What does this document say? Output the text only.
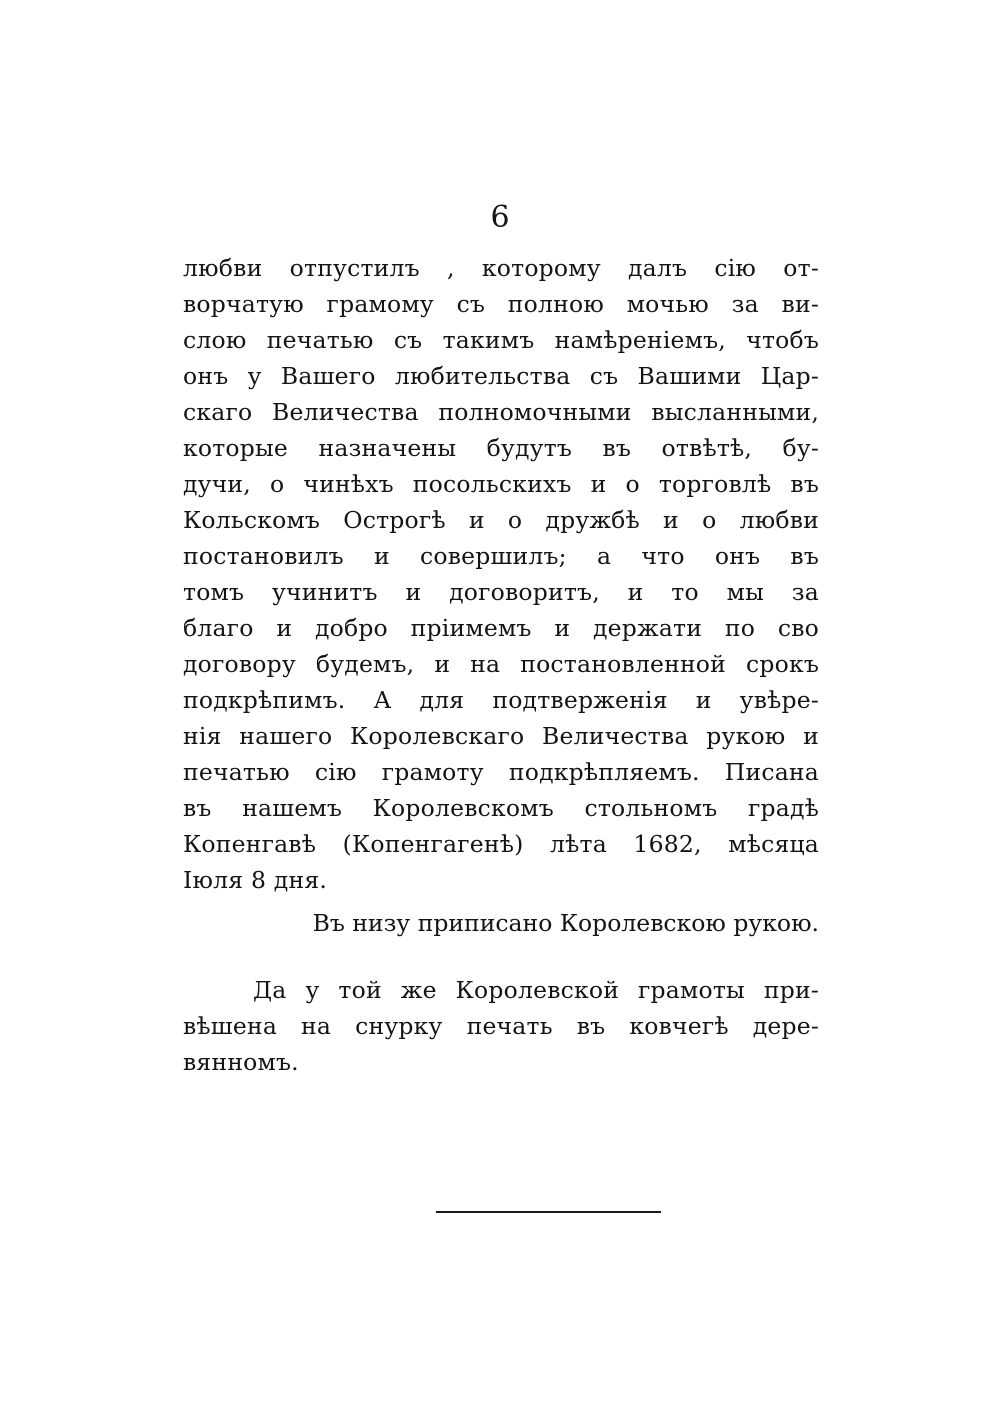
6
любви отпустилъ , которому далъ сiю от-
ворчатую грамому съ полною мочью за ви-
слою печатью съ такимъ намѣренiемъ, чтобъ
онъ у Вашего любительства съ Вашими Цар-
скаго Величества полномочными высланными,
которые назначены будутъ въ отвѣтѣ, бу-
дучи, о чинѣхъ посольскихъ и о торговлѣ въ
Кольскомъ Острогѣ и о дружбѣ и о любви
постановилъ и совершилъ; а что онъ въ
томъ учинитъ и договоритъ, и то мы за
благо и добро прiимемъ и держати по сво
договору будемъ, и на постановленной срокъ
подкрѣпимъ. А для подтверженiя и увѣре-
нiя нашего Королевскаго Величества рукою и
печатью сiю грамоту подкрѣпляемъ. Писана
въ нашемъ Королевскомъ стольномъ градѣ
Копенгавѣ (Копенгагенѣ) лѣта 1682, мѣсяца
Iюля 8 дня.
Въ низу приписано Королевскою рукою.
Да у той же Королевской грамоты при-
вѣшена на снурку печать въ ковчегѣ дере-
вянномъ.
